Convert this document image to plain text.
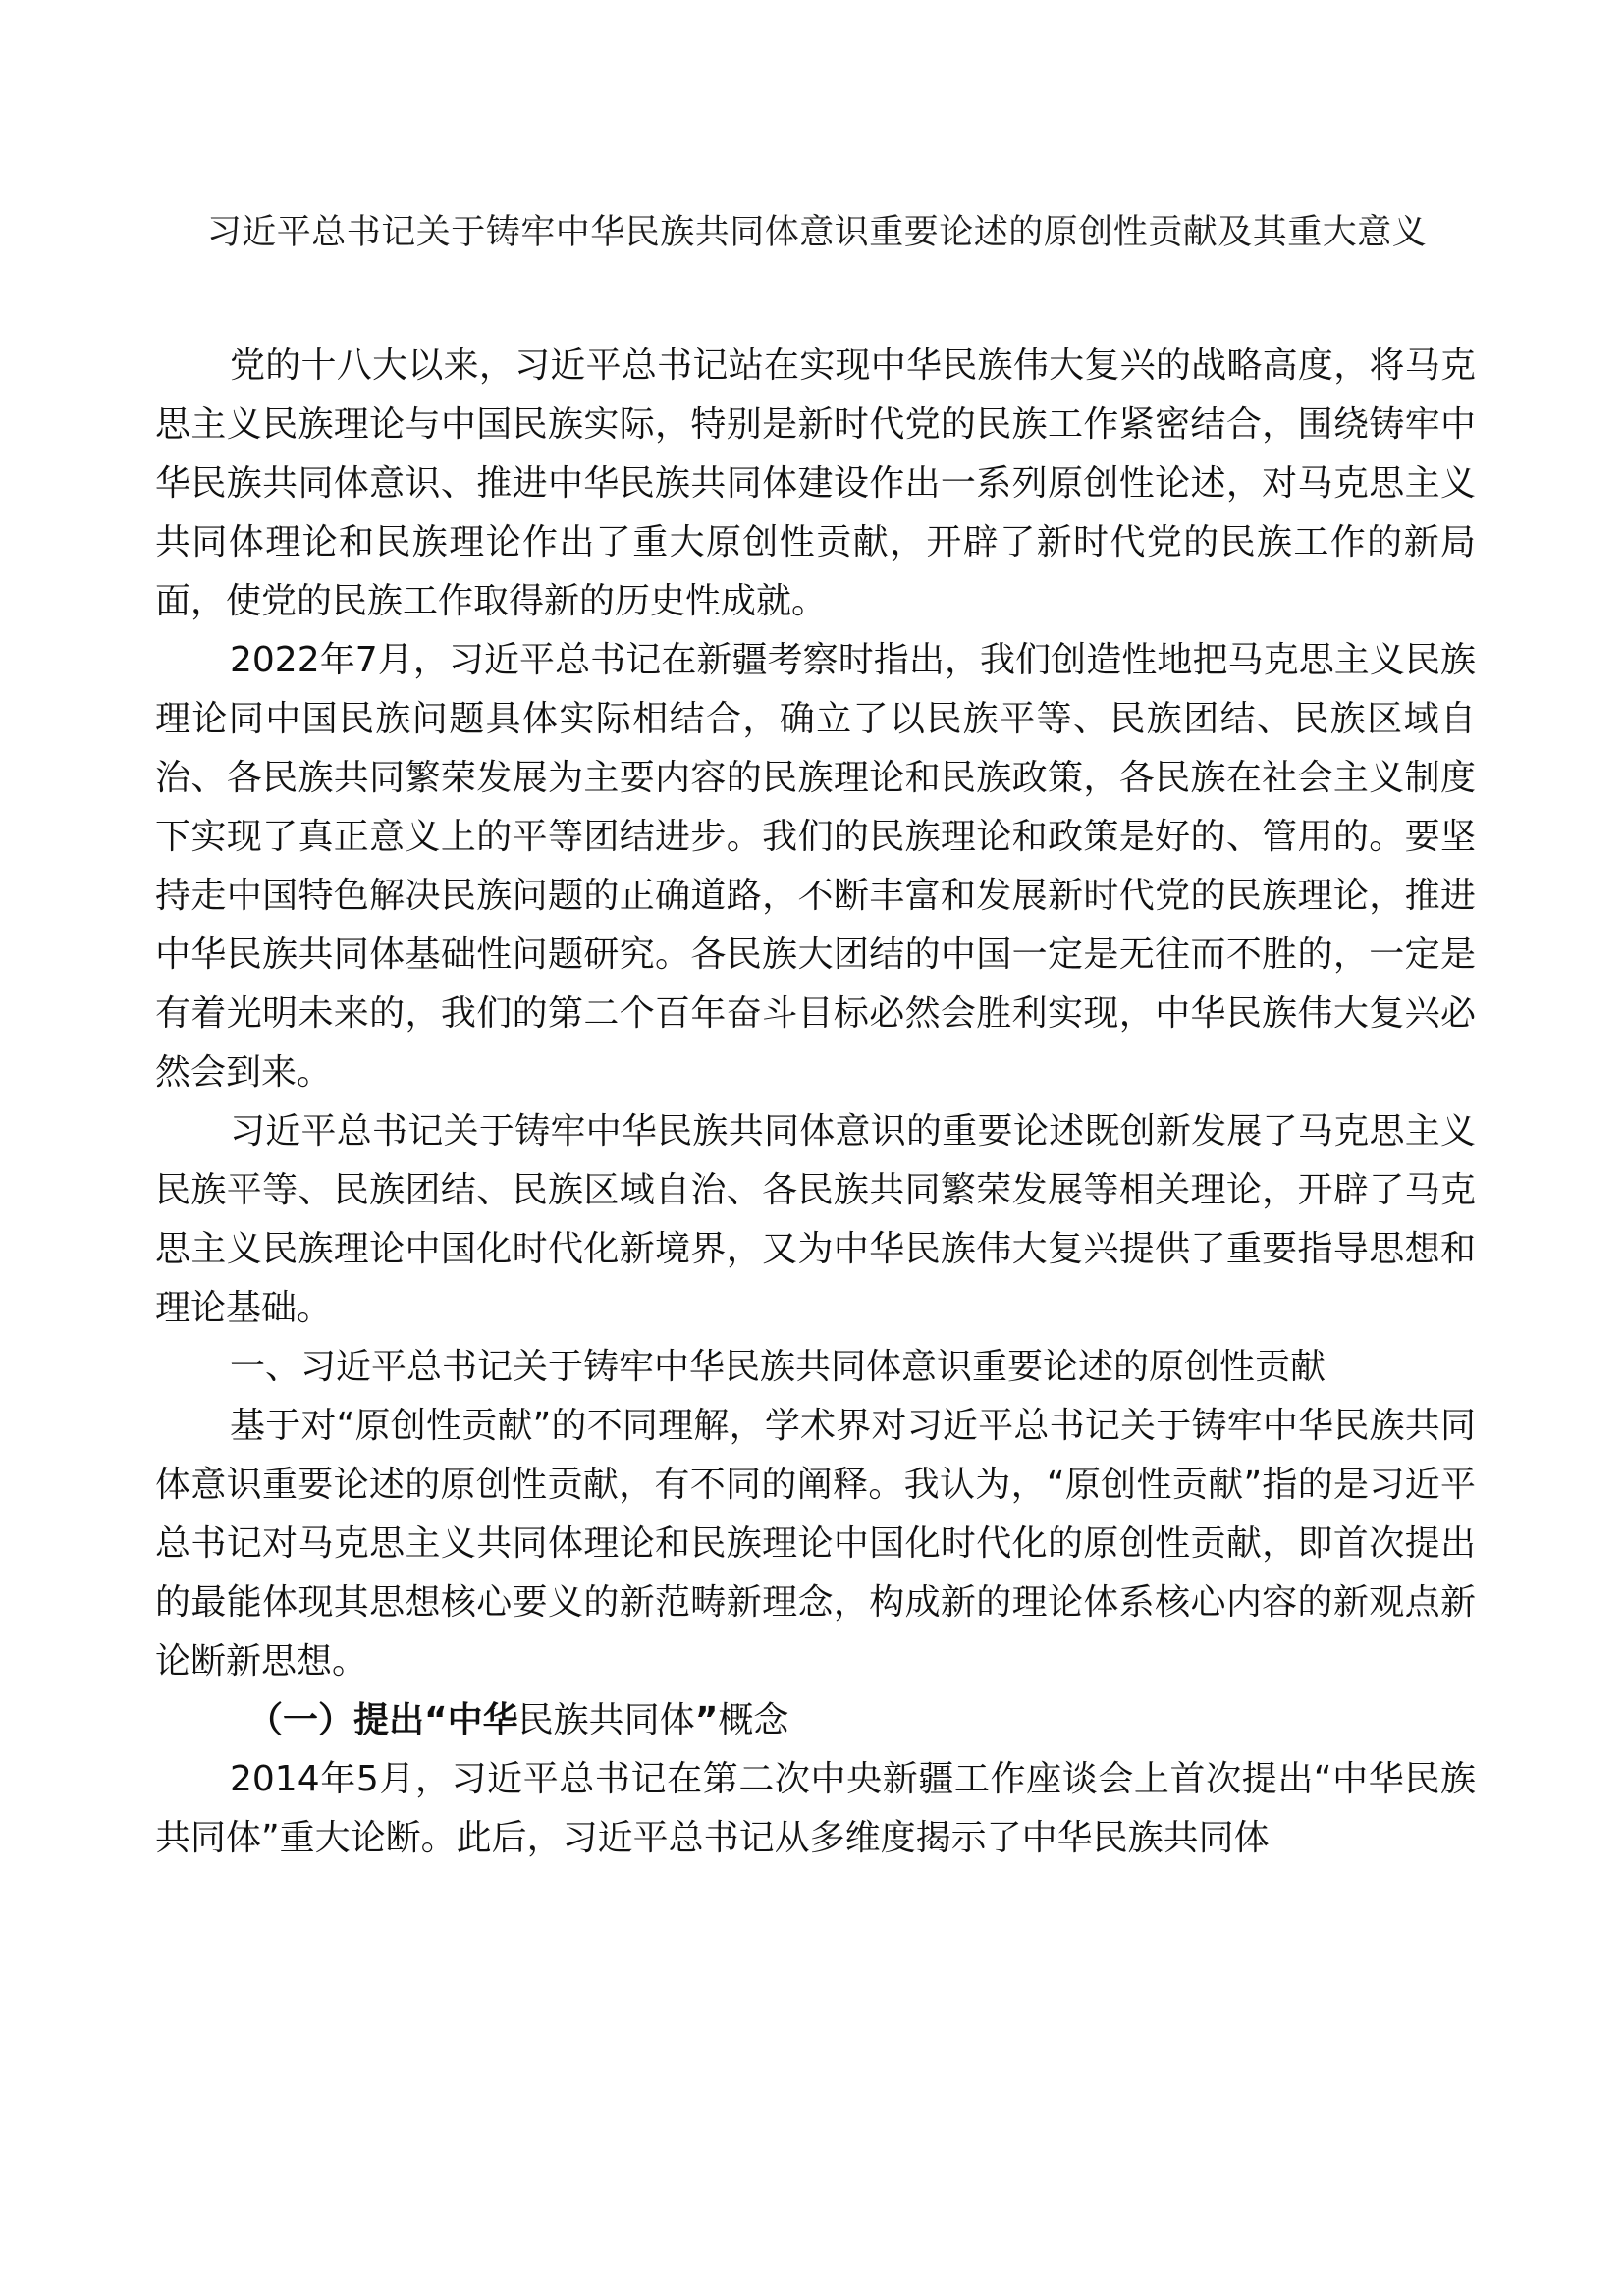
习近平总书记关于铸牢中华民族共同体意识重要论述的原创性贡献及其重大意义

党的十八大以来，习近平总书记站在实现中华民族伟大复兴的战略高度，将马克思主义民族理论与中国民族实际，特别是新时代党的民族工作紧密结合，围绕铸牢中华民族共同体意识、推进中华民族共同体建设作出一系列原创性论述，对马克思主义共同体理论和民族理论作出了重大原创性贡献，开辟了新时代党的民族工作的新局面，使党的民族工作取得新的历史性成就。

2022年7月，习近平总书记在新疆考察时指出，我们创造性地把马克思主义民族理论同中国民族问题具体实际相结合，确立了以民族平等、民族团结、民族区域自治、各民族共同繁荣发展为主要内容的民族理论和民族政策，各民族在社会主义制度下实现了真正意义上的平等团结进步。我们的民族理论和政策是好的、管用的。要坚持走中国特色解决民族问题的正确道路，不断丰富和发展新时代党的民族理论，推进中华民族共同体基础性问题研究。各民族大团结的中国一定是无往而不胜的，一定是有着光明未来的，我们的第二个百年奋斗目标必然会胜利实现，中华民族伟大复兴必然会到来。

习近平总书记关于铸牢中华民族共同体意识的重要论述既创新发展了马克思主义民族平等、民族团结、民族区域自治、各民族共同繁荣发展等相关理论，开辟了马克思主义民族理论中国化时代化新境界，又为中华民族伟大复兴提供了重要指导思想和理论基础。

一、习近平总书记关于铸牢中华民族共同体意识重要论述的原创性贡献

基于对“原创性贡献”的不同理解，学术界对习近平总书记关于铸牢中华民族共同体意识重要论述的原创性贡献，有不同的阐释。我认为，“原创性贡献”指的是习近平总书记对马克思主义共同体理论和民族理论中国化时代化的原创性贡献，即首次提出的最能体现其思想核心要义的新范畴新理念，构成新的理论体系核心内容的新观点新论断新思想。

（一）提出“中华民族共同体”概念

2014年5月，习近平总书记在第二次中央新疆工作座谈会上首次提出“中华民族共同体”重大论断。此后，习近平总书记从多维度揭示了中华民族共同体
